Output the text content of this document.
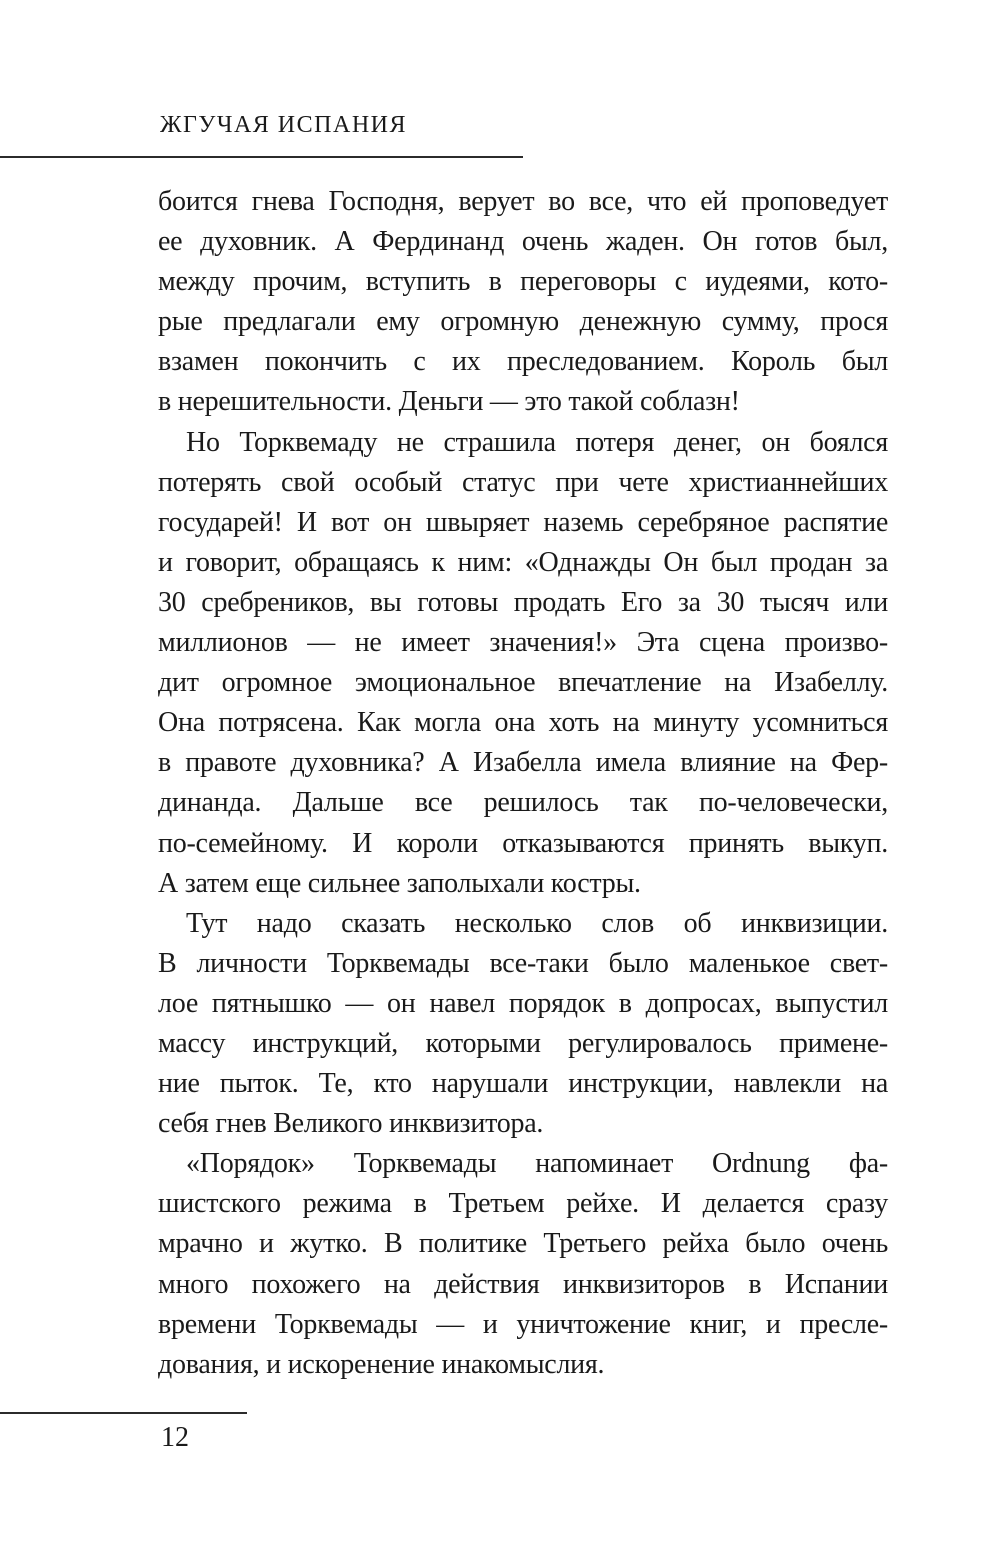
ЖГУЧАЯ ИСПАНИЯ
боится гнева Господня, верует во все, что ей проповедует
ее духовник. А Фердинанд очень жаден. Он готов был,
между прочим, вступить в переговоры с иудеями, кото-
рые предлагали ему огромную денежную сумму, прося
взамен покончить с их преследованием. Король был
в нерешительности. Деньги — это такой соблазн!
Но Торквемаду не страшила потеря денег, он боялся
потерять свой особый статус при чете христианнейших
государей! И вот он швыряет наземь серебряное распятие
и говорит, обращаясь к ним: «Однажды Он был продан за
30 сребреников, вы готовы продать Его за 30 тысяч или
миллионов — не имеет значения!» Эта сцена произво-
дит огромное эмоциональное впечатление на Изабеллу.
Она потрясена. Как могла она хоть на минуту усомниться
в правоте духовника? А Изабелла имела влияние на Фер-
динанда. Дальше все решилось так по-человечески,
по-семейному. И короли отказываются принять выкуп.
А затем еще сильнее заполыхали костры.
Тут надо сказать несколько слов об инквизиции.
В личности Торквемады все-таки было маленькое свет-
лое пятнышко — он навел порядок в допросах, выпустил
массу инструкций, которыми регулировалось примене-
ние пыток. Те, кто нарушали инструкции, навлекли на
себя гнев Великого инквизитора.
«Порядок» Торквемады напоминает Ordnung фа-
шистского режима в Третьем рейхе. И делается сразу
мрачно и жутко. В политике Третьего рейха было очень
много похожего на действия инквизиторов в Испании
времени Торквемады — и уничтожение книг, и пресле-
дования, и искоренение инакомыслия.
12
